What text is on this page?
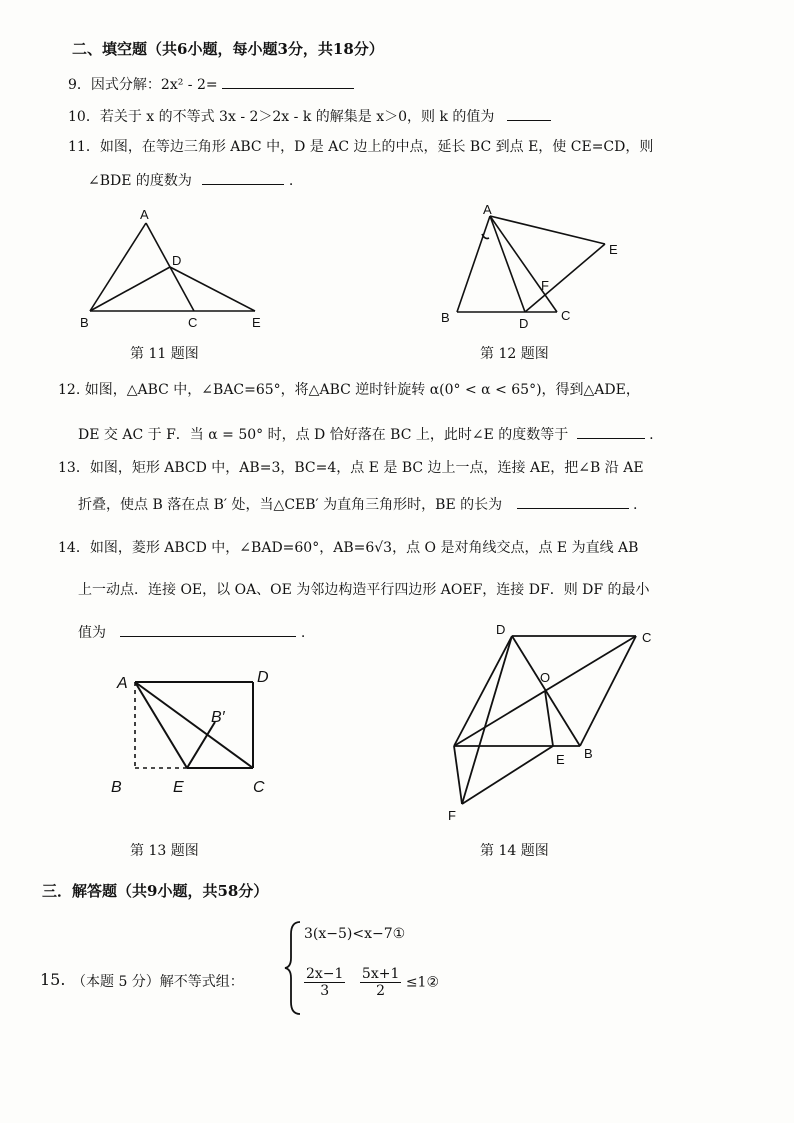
二、填空题（共6小题，每小题3分，共18分）
9．因式分解：2x² - 2=
10．若关于 x 的不等式 3x - 2＞2x - k 的解集是 x＞0，则 k 的值为
11．如图，在等边三角形 ABC 中，D 是 AC 边上的中点，延长 BC 到点 E，使 CE=CD，则
∠BDE 的度数为	.
A
D
B	C	E
第 11 题图
A
E
F
B	D
C
第 12 题图
12. 如图，△ABC 中，∠BAC=65°，将△ABC 逆时针旋转 α(0° < α < 65°)，得到△ADE，
DE 交 AC 于 F．当 α = 50° 时，点 D 恰好落在 BC 上，此时∠E 的度数等于	.
13．如图，矩形 ABCD 中，AB=3，BC=4，点 E 是 BC 边上一点，连接 AE，把∠B 沿 AE
折叠，使点 B 落在点 B′ 处，当△CEB′ 为直角三角形时，BE 的长为	.
14．如图，菱形 ABCD 中，∠BAD=60°，AB=6√3，点 O 是对角线交点，点 E 为直线 AB
上一动点．连接 OE，以 OA、OE 为邻边构造平行四边形 AOEF，连接 DF．则 DF 的最小
值为	.
A	D
B′
B	E	C
第 13 题图
D
C
O
B
E
F
第 14 题图
三．解答题（共9小题，共58分）
15. （本题 5 分）解不等式组：
3(x−5)<x−7①
$\frac{2x-1}{3}$
$\frac{5x+1}{2}$ ≤1②
